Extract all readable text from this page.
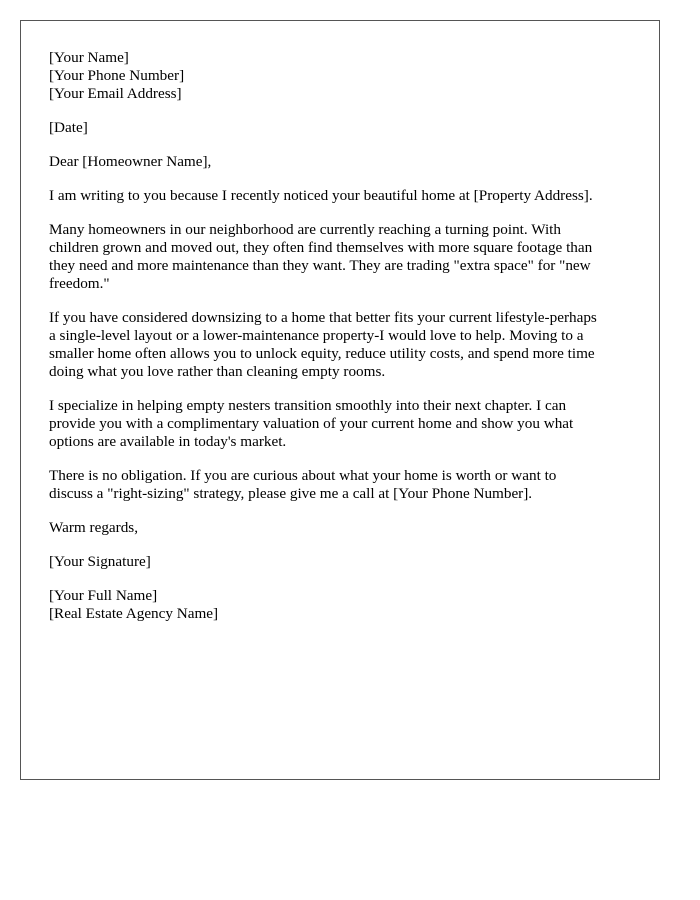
[Your Name]
[Your Phone Number]
[Your Email Address]
[Date]
Dear [Homeowner Name],
I am writing to you because I recently noticed your beautiful home at [Property Address].
Many homeowners in our neighborhood are currently reaching a turning point. With
children grown and moved out, they often find themselves with more square footage than
they need and more maintenance than they want. They are trading "extra space" for "new
freedom."
If you have considered downsizing to a home that better fits your current lifestyle-perhaps
a single-level layout or a lower-maintenance property-I would love to help. Moving to a
smaller home often allows you to unlock equity, reduce utility costs, and spend more time
doing what you love rather than cleaning empty rooms.
I specialize in helping empty nesters transition smoothly into their next chapter. I can
provide you with a complimentary valuation of your current home and show you what
options are available in today's market.
There is no obligation. If you are curious about what your home is worth or want to
discuss a "right-sizing" strategy, please give me a call at [Your Phone Number].
Warm regards,
[Your Signature]
[Your Full Name]
[Real Estate Agency Name]
